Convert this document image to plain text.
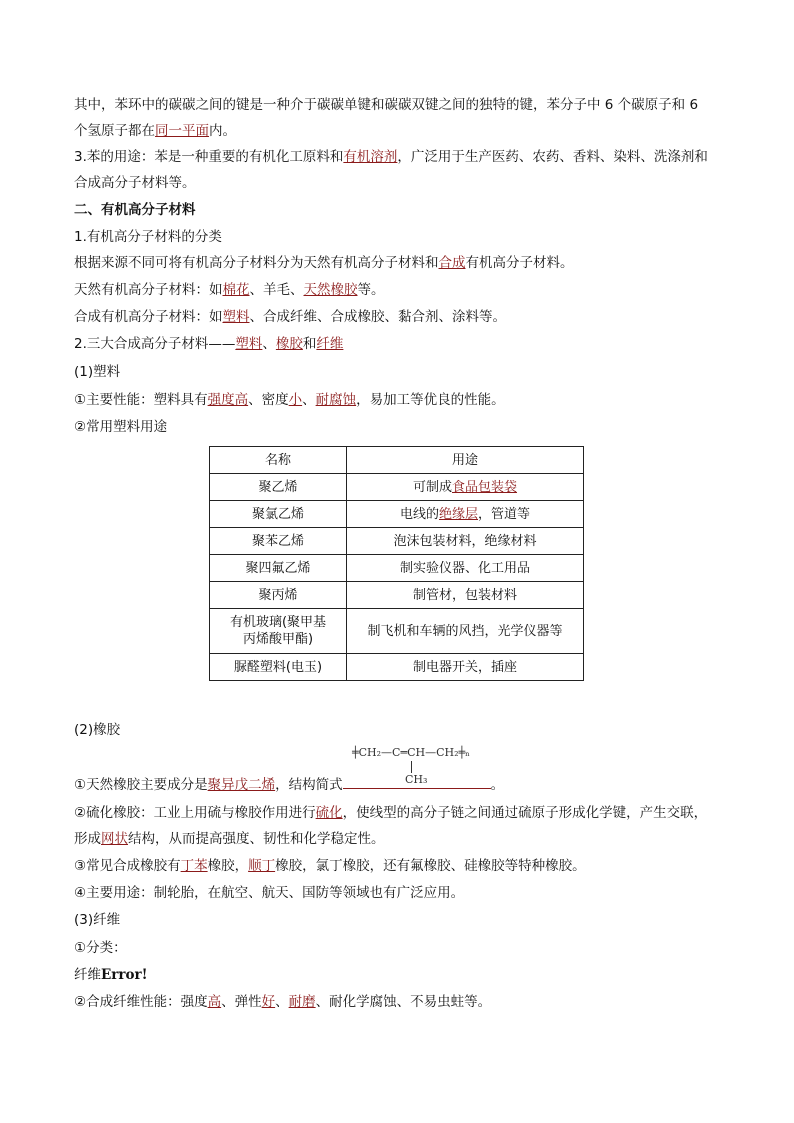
其中，苯环中的碳碳之间的键是一种介于碳碳单键和碳碳双键之间的独特的键，苯分子中 6 个碳原子和 6
个氢原子都在同一平面内。
3.苯的用途：苯是一种重要的有机化工原料和有机溶剂，广泛用于生产医药、农药、香料、染料、洗涤剂和
合成高分子材料等。
二、有机高分子材料
1.有机高分子材料的分类
根据来源不同可将有机高分子材料分为天然有机高分子材料和合成有机高分子材料。
天然有机高分子材料：如棉花、羊毛、天然橡胶等。
合成有机高分子材料：如塑料、合成纤维、合成橡胶、黏合剂、涂料等。
2.三大合成高分子材料——塑料、橡胶和纤维
(1)塑料
①主要性能：塑料具有强度高、密度小、耐腐蚀，易加工等优良的性能。
②常用塑料用途
名称	用途
聚乙烯	可制成食品包装袋
聚氯乙烯	电线的绝缘层，管道等
聚苯乙烯	泡沫包装材料，绝缘材料
聚四氟乙烯	制实验仪器、化工用品
聚丙烯	制管材，包装材料
有机玻璃(聚甲基
丙烯酸甲酯)	制飞机和车辆的风挡，光学仪器等
脲醛塑料(电玉)	制电器开关，插座
(2)橡胶
╪CH₂—C═CH—CH₂╪ₙ
CH₃
①天然橡胶主要成分是聚异戊二烯，结构简式	。
②硫化橡胶：工业上用硫与橡胶作用进行硫化，使线型的高分子链之间通过硫原子形成化学键，产生交联，
形成网状结构，从而提高强度、韧性和化学稳定性。
③常见合成橡胶有丁苯橡胶，顺丁橡胶，氯丁橡胶，还有氟橡胶、硅橡胶等特种橡胶。
④主要用途：制轮胎，在航空、航天、国防等领域也有广泛应用。
(3)纤维
①分类：
纤维Error!
②合成纤维性能：强度高、弹性好、耐磨、耐化学腐蚀、不易虫蛀等。
